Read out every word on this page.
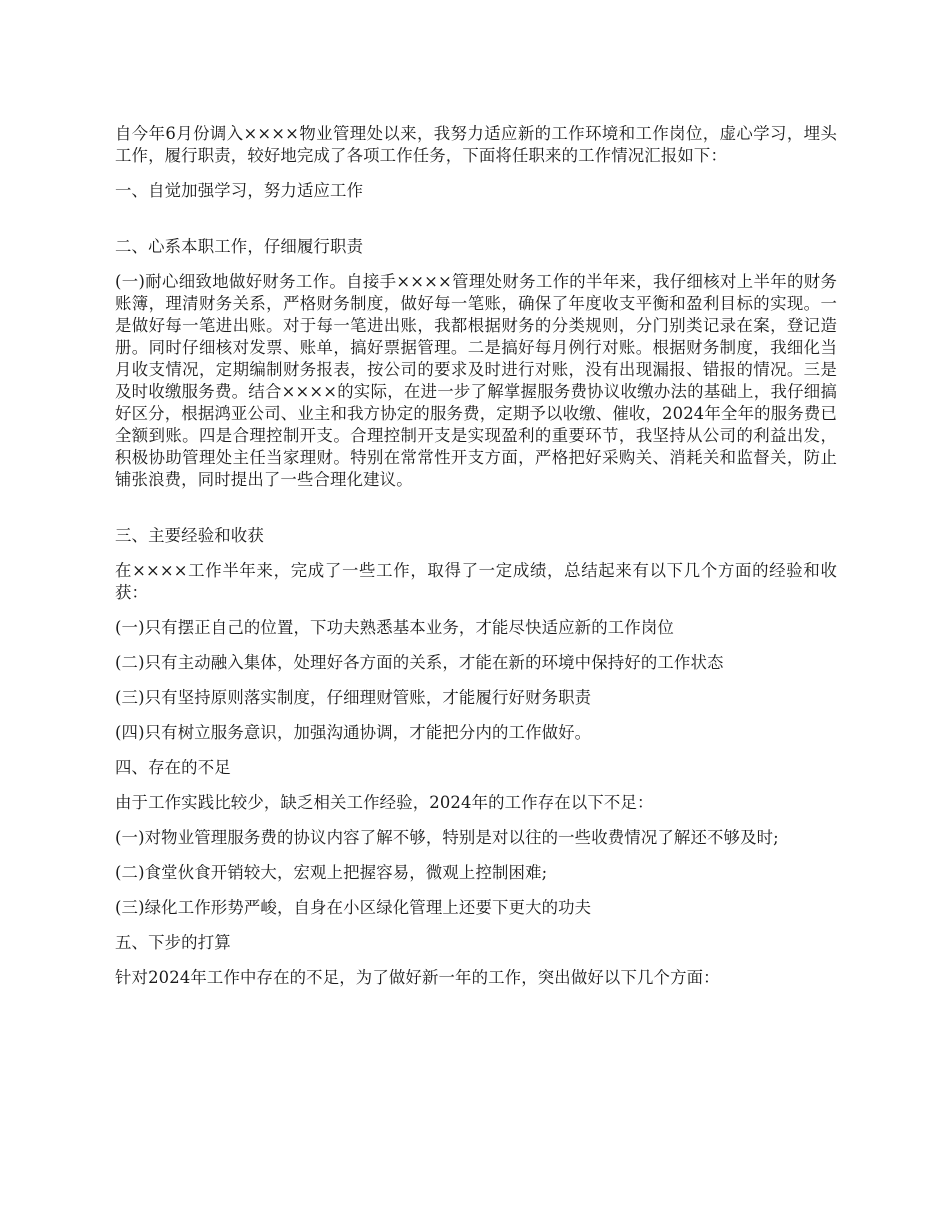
自今年6月份调入××××物业管理处以来，我努力适应新的工作环境和工作岗位，虚心学习，埋头工作，履行职责，较好地完成了各项工作任务，下面将任职来的工作情况汇报如下：

一、自觉加强学习，努力适应工作

二、心系本职工作，仔细履行职责

(一)耐心细致地做好财务工作。自接手××××管理处财务工作的半年来，我仔细核对上半年的财务账簿，理清财务关系，严格财务制度，做好每一笔账，确保了年度收支平衡和盈利目标的实现。一是做好每一笔进出账。对于每一笔进出账，我都根据财务的分类规则，分门别类记录在案，登记造册。同时仔细核对发票、账单，搞好票据管理。二是搞好每月例行对账。根据财务制度，我细化当月收支情况，定期编制财务报表，按公司的要求及时进行对账，没有出现漏报、错报的情况。三是及时收缴服务费。结合××××的实际，在进一步了解掌握服务费协议收缴办法的基础上，我仔细搞好区分，根据鸿亚公司、业主和我方协定的服务费，定期予以收缴、催收，2024年全年的服务费已全额到账。四是合理控制开支。合理控制开支是实现盈利的重要环节，我坚持从公司的利益出发，积极协助管理处主任当家理财。特别在常常性开支方面，严格把好采购关、消耗关和监督关，防止铺张浪费，同时提出了一些合理化建议。

三、主要经验和收获

在××××工作半年来，完成了一些工作，取得了一定成绩，总结起来有以下几个方面的经验和收获：

(一)只有摆正自己的位置，下功夫熟悉基本业务，才能尽快适应新的工作岗位

(二)只有主动融入集体，处理好各方面的关系，才能在新的环境中保持好的工作状态

(三)只有坚持原则落实制度，仔细理财管账，才能履行好财务职责

(四)只有树立服务意识，加强沟通协调，才能把分内的工作做好。

四、存在的不足

由于工作实践比较少，缺乏相关工作经验，2024年的工作存在以下不足：

(一)对物业管理服务费的协议内容了解不够，特别是对以往的一些收费情况了解还不够及时;

(二)食堂伙食开销较大，宏观上把握容易，微观上控制困难;

(三)绿化工作形势严峻，自身在小区绿化管理上还要下更大的功夫

五、下步的打算

针对2024年工作中存在的不足，为了做好新一年的工作，突出做好以下几个方面：
